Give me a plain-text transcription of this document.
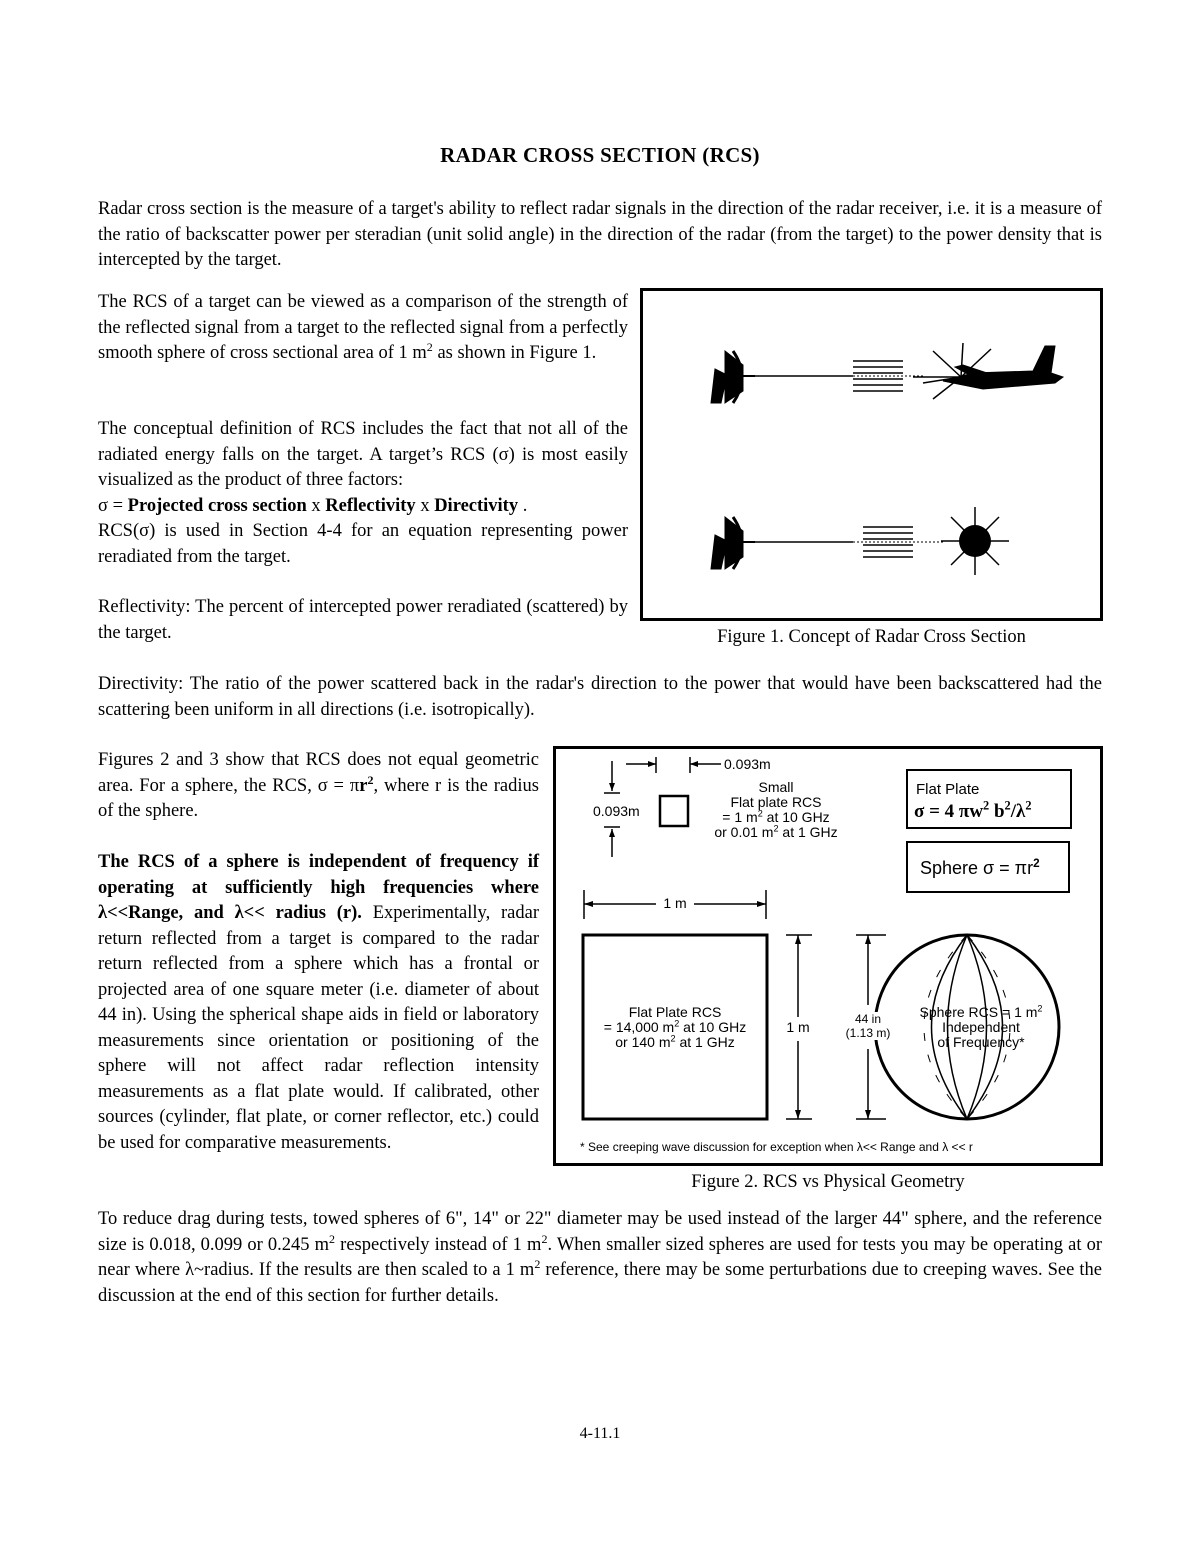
RADAR CROSS SECTION (RCS)

Radar cross section is the measure of a target's ability to reflect radar signals in the direction of the radar receiver, i.e. it is a measure of the ratio of backscatter power per steradian (unit solid angle) in the direction of the radar (from the target) to the power density that is intercepted by the target.

The RCS of a target can be viewed as a comparison of the strength of the reflected signal from a target to the reflected signal from a perfectly smooth sphere of cross sectional area of 1 $m^2$ as shown in Figure 1.

The conceptual definition of RCS includes the fact that not all of the radiated energy falls on the target. A target’s RCS (σ) is most easily visualized as the product of three factors:
σ = Projected cross section x Reflectivity x Directivity .
RCS(σ) is used in Section 4-4 for an equation representing power reradiated from the target.

Reflectivity: The percent of intercepted power reradiated (scattered) by the target.	Figure 1. Concept of Radar Cross Section

Directivity: The ratio of the power scattered back in the radar's direction to the power that would have been backscattered had the scattering been uniform in all directions (i.e. isotropically).

Figures 2 and 3 show that RCS does not equal geometric area. For a sphere, the RCS, $\sigma = \pi r^2$, where r is the radius of the sphere.

The RCS of a sphere is independent of frequency if operating at sufficiently high frequencies where λ<<Range, and λ<< radius (r). Experimentally, radar return reflected from a target is compared to the radar return reflected from a sphere which has a frontal or projected area of one square meter (i.e. diameter of about 44 in). Using the spherical shape aids in field or laboratory measurements since orientation or positioning of the sphere will not affect radar reflection intensity measurements as a flat plate would. If calibrated, other sources (cylinder, flat plate, or corner reflector, etc.) could be used for comparative measurements.

0.093m
0.093m
Small
Flat plate RCS
= 1 $m^2$ at 10 GHz
or 0.01 $m^2$ at 1 GHz
Flat Plate
σ = 4 $\pi w^2$ $b^2/\lambda^2$
Sphere $\sigma = \pi r^2$
1 m
Flat Plate RCS
= 14,000 $m^2$ at 10 GHz
or 140 $m^2$ at 1 GHz
1 m	44 in
(1.13 m)
Sphere RCS = 1 $m^2$
Independent
of Frequency*
* See creeping wave discussion for exception when λ<< Range and λ << r
Figure 2. RCS vs Physical Geometry

To reduce drag during tests, towed spheres of 6", 14" or 22" diameter may be used instead of the larger 44" sphere, and the reference size is 0.018, 0.099 or 0.245 $m^2$ respectively instead of 1 $m^2$. When smaller sized spheres are used for tests you may be operating at or near where λ~radius. If the results are then scaled to a 1 $m^2$ reference, there may be some perturbations due to creeping waves. See the discussion at the end of this section for further details.

4-11.1
